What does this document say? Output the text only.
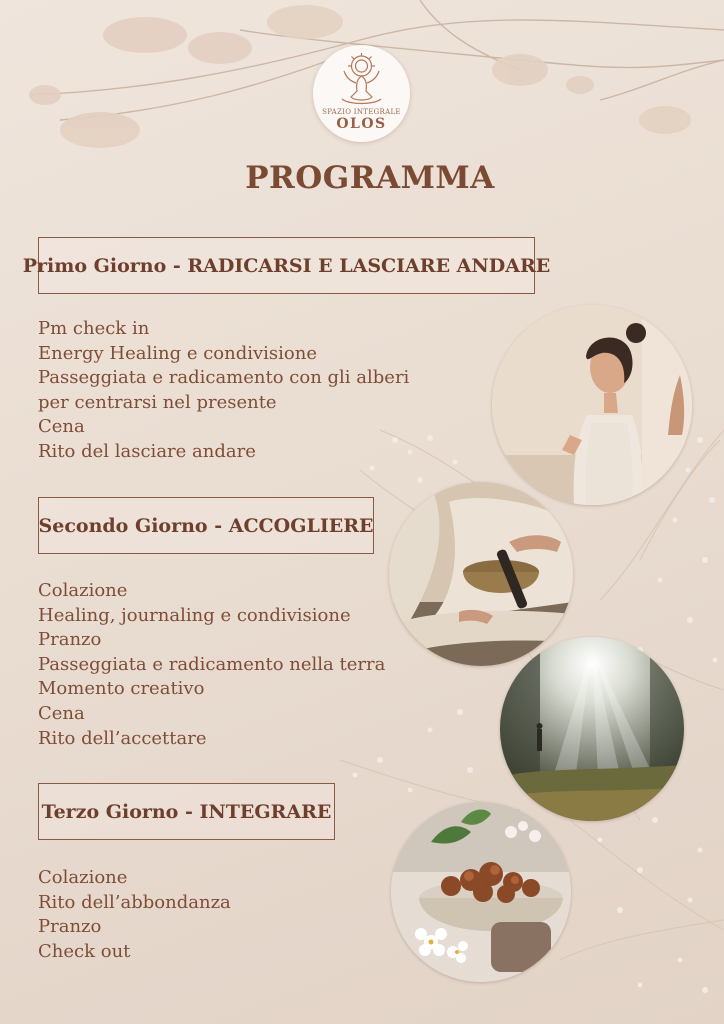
SPAZIO INTEGRALE
OLOS
PROGRAMMA
Primo Giorno - RADICARSI E LASCIARE ANDARE
Pm check in
Energy Healing e condivisione
Passeggiata e radicamento con gli alberi
per centrarsi nel presente
Cena
Rito del lasciare andare
Secondo Giorno - ACCOGLIERE
Colazione
Healing, journaling e condivisione
Pranzo
Passeggiata e radicamento nella terra
Momento creativo
Cena
Rito dell’accettare
Terzo Giorno - INTEGRARE
Colazione
Rito dell’abbondanza
Pranzo
Check out
